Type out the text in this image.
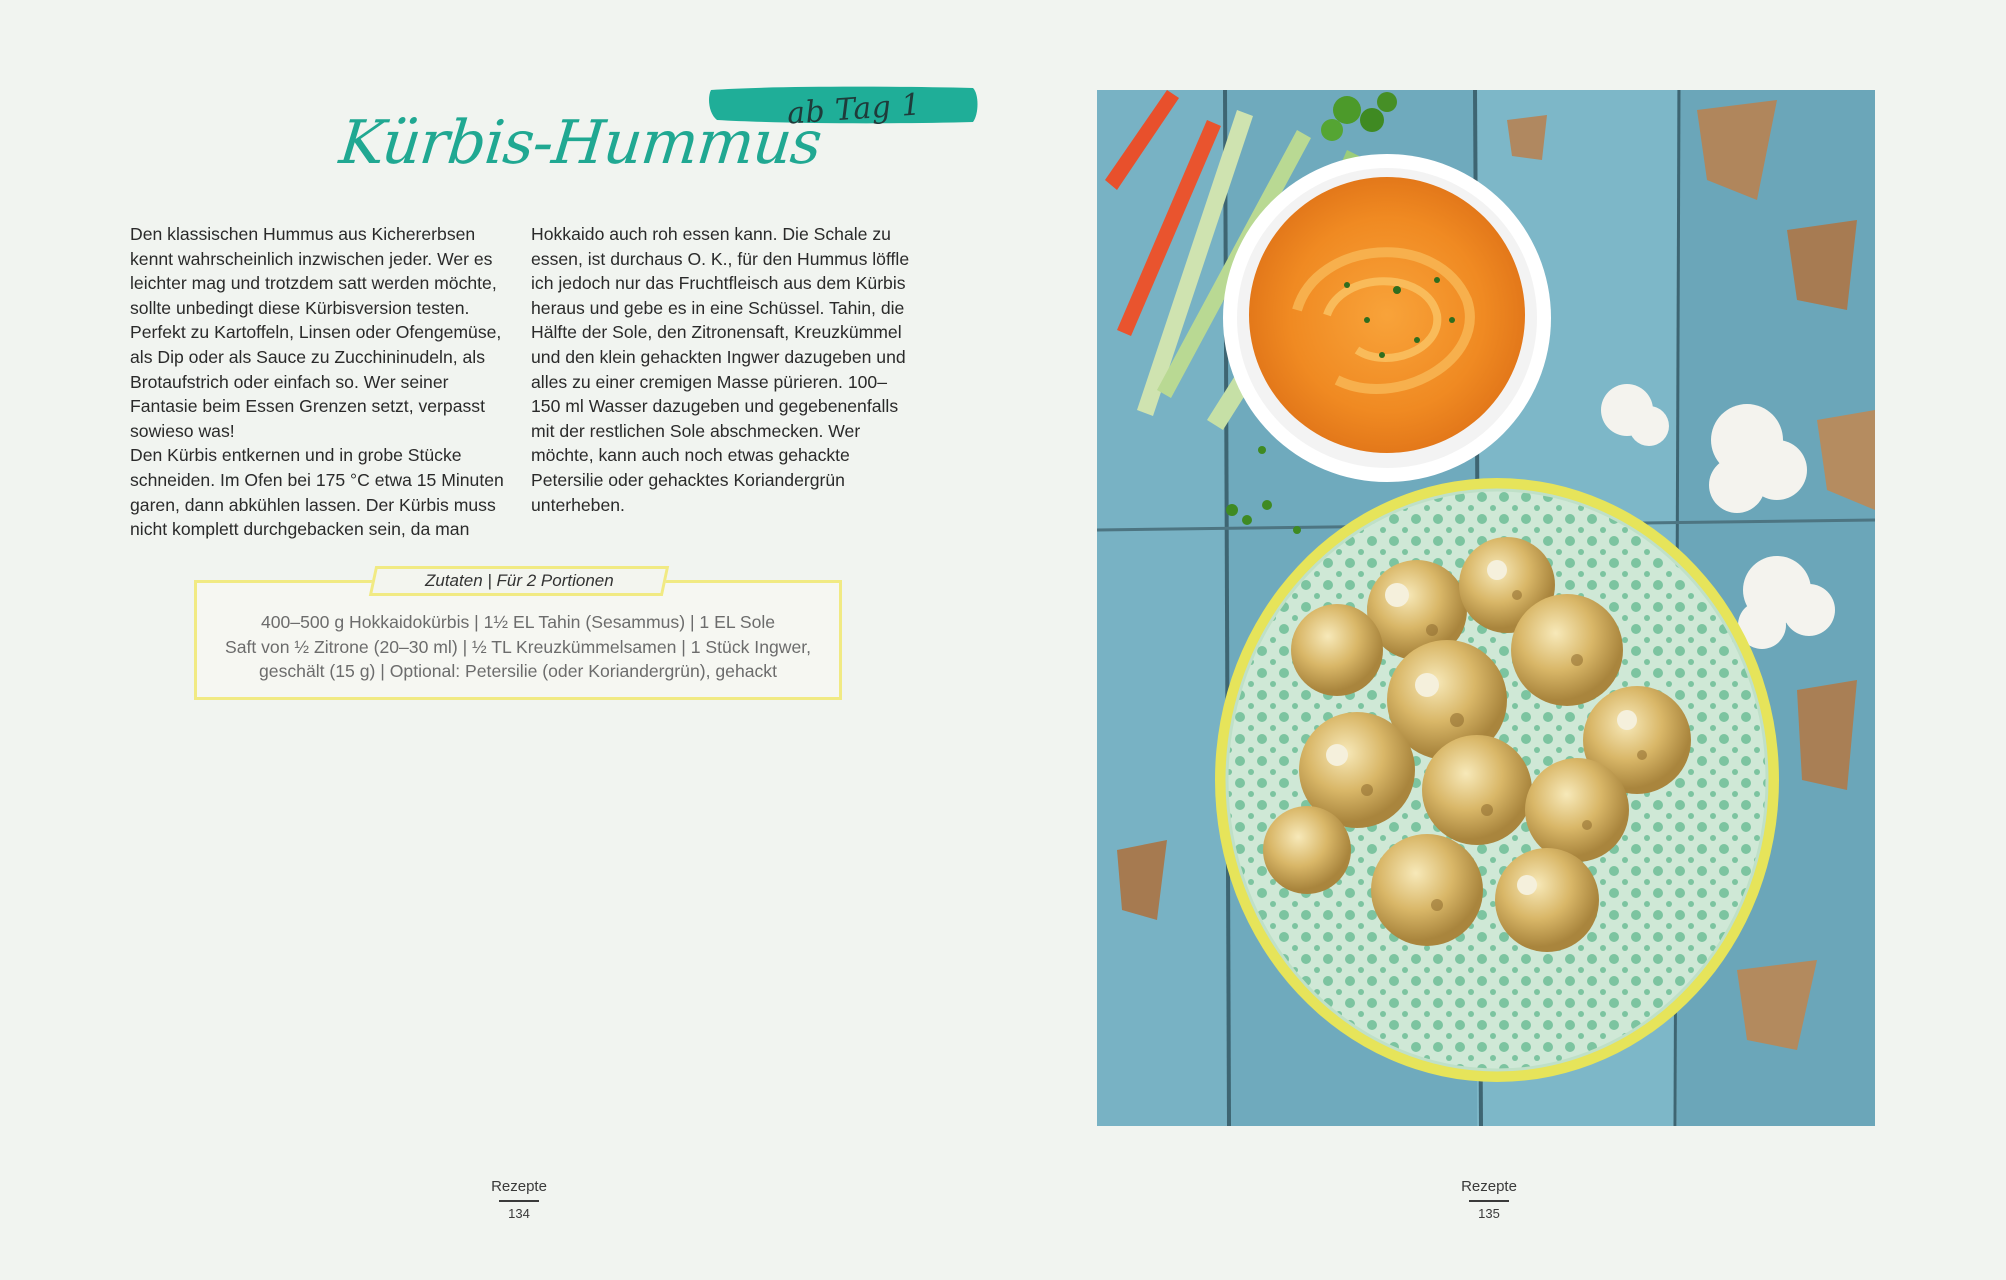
ab Tag 1
Kürbis-Hummus

Den klassischen Hummus aus Kichererbsen kennt wahrscheinlich inzwischen jeder. Wer es leichter mag und trotzdem satt werden möchte, sollte unbedingt diese Kürbisversion testen. Perfekt zu Kartoffeln, Linsen oder Ofengemüse, als Dip oder als Sauce zu Zucchininudeln, als Brotaufstrich oder einfach so. Wer seiner Fantasie beim Essen Grenzen setzt, verpasst sowieso was!

Den Kürbis entkernen und in grobe Stücke schneiden. Im Ofen bei 175 °C etwa 15 Minuten garen, dann abkühlen lassen. Der Kürbis muss nicht komplett durchgebacken sein, da man

Hokkaido auch roh essen kann. Die Schale zu essen, ist durchaus O. K., für den Hummus löffle ich jedoch nur das Fruchtfleisch aus dem Kürbis heraus und gebe es in eine Schüssel. Tahin, die Hälfte der Sole, den Zitronensaft, Kreuzkümmel und den klein gehackten Ingwer dazugeben und alles zu einer cremigen Masse pürieren. 100–150 ml Wasser dazugeben und gegebenenfalls mit der restlichen Sole abschmecken. Wer möchte, kann auch noch etwas gehackte Petersilie oder gehacktes Koriandergrün unterheben.

Zutaten | Für 2 Portionen

400–500 g Hokkaidokürbis | 1½ EL Tahin (Sesammus) | 1 EL Sole

Saft von ½ Zitrone (20–30 ml) | ½ TL Kreuzkümmelsamen | 1 Stück Ingwer,

geschält (15 g) | Optional: Petersilie (oder Koriandergrün), gehackt

Rezepte
134
Rezepte
135
